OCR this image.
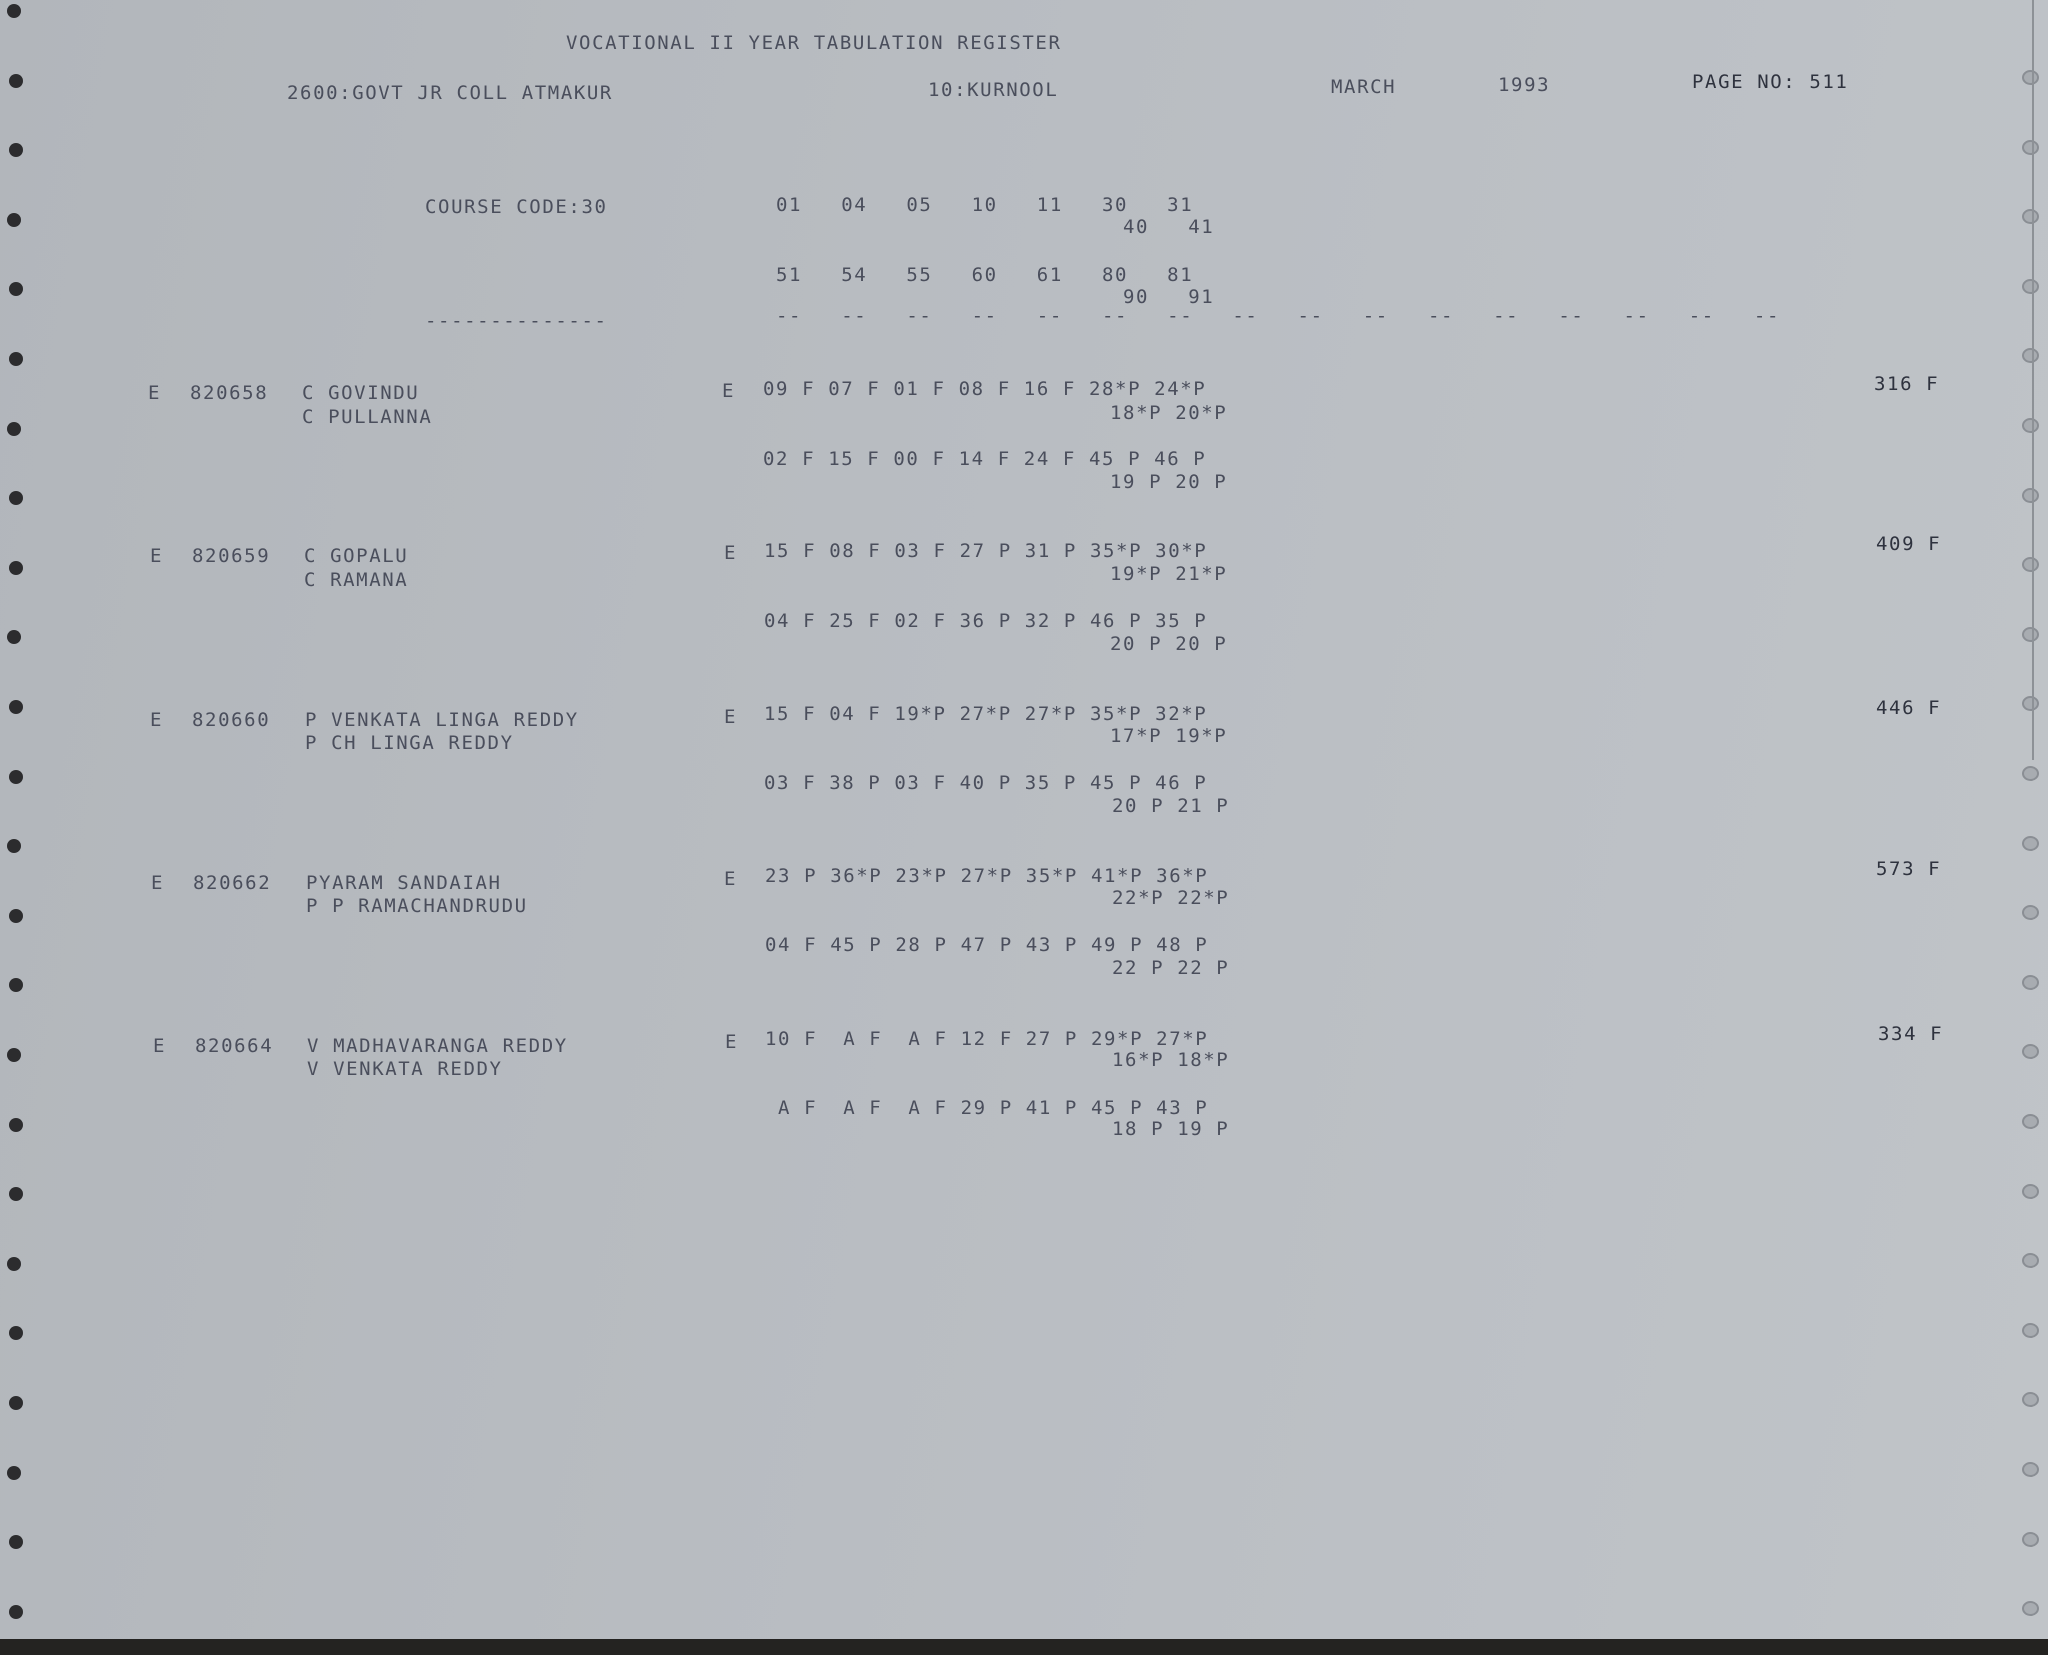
VOCATIONAL II YEAR TABULATION REGISTER
2600:GOVT JR COLL ATMAKUR	10:KURNOOL	MARCH	1993	PAGE NO: 511
COURSE CODE:30	01   04   05   10   11   30   31
40   41
51   54   55   60   61   80   81
90   91
--------------	--   --   --   --   --   --   --   --   --   --   --   --   --   --   --   --
E 820658 C GOVINDU
C PULLANNA
E 09 F 07 F 01 F 08 F 16 F 28*P 24*P
18*P 20*P
02 F 15 F 00 F 14 F 24 F 45 P 46 P
19 P 20 P
316 F
E 820659 C GOPALU
C RAMANA
E 15 F 08 F 03 F 27 P 31 P 35*P 30*P
19*P 21*P
04 F 25 F 02 F 36 P 32 P 46 P 35 P
20 P 20 P
409 F
E 820660 P VENKATA LINGA REDDY
P CH LINGA REDDY
E 15 F 04 F 19*P 27*P 27*P 35*P 32*P
17*P 19*P
03 F 38 P 03 F 40 P 35 P 45 P 46 P
20 P 21 P
446 F
E 820662 PYARAM SANDAIAH
P P RAMACHANDRUDU
E 23 P 36*P 23*P 27*P 35*P 41*P 36*P
22*P 22*P
04 F 45 P 28 P 47 P 43 P 49 P 48 P
22 P 22 P
573 F
E 820664 V MADHAVARANGA REDDY
V VENKATA REDDY
E 10 F  A F  A F 12 F 27 P 29*P 27*P
16*P 18*P
A F  A F  A F 29 P 41 P 45 P 43 P
18 P 19 P
334 F
